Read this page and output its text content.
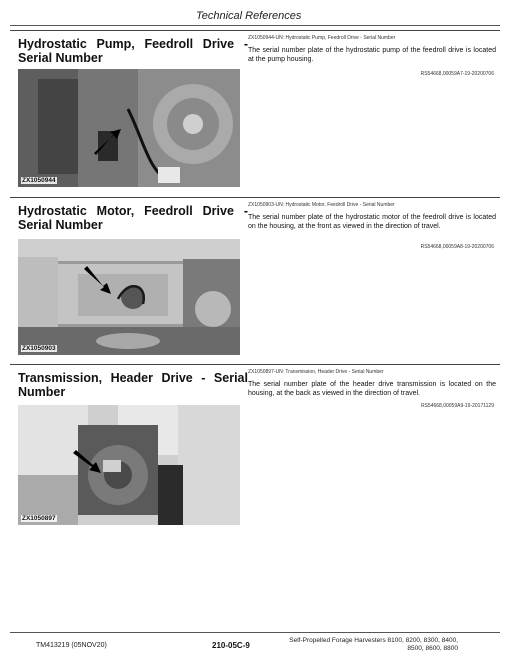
Technical References
Hydrostatic Pump, Feedroll Drive - Serial Number
ZX1050944
ZX1050944-UN: Hydrostatic Pump, Feedroll Drive - Serial Number
The serial number plate of the hydrostatic pump of the feedroll drive is located at the pump housing.
RS54668,00059A7-19-20200706
Hydrostatic Motor, Feedroll Drive - Serial Number
ZX1050903
ZX1050903-UN: Hydrostatic Motor, Feedroll Drive - Serial Number
The serial number plate of the hydrostatic motor of the feedroll drive is located on the housing, at the front as viewed in the direction of travel.
RS54668,00059A8-19-20200706
Transmission, Header Drive - Serial Number
ZX1050897
ZX1050897-UN: Transmission, Header Drive - Serial Number
The serial number plate of the header drive transmission is located on the housing, at the back as viewed in the direction of travel.
RS54668,00059A9-19-20171129
TM413219 (05NOV20)	210-05C-9
Self-Propelled Forage Harvesters 8100, 8200, 8300, 8400, 8500, 8600, 8800
